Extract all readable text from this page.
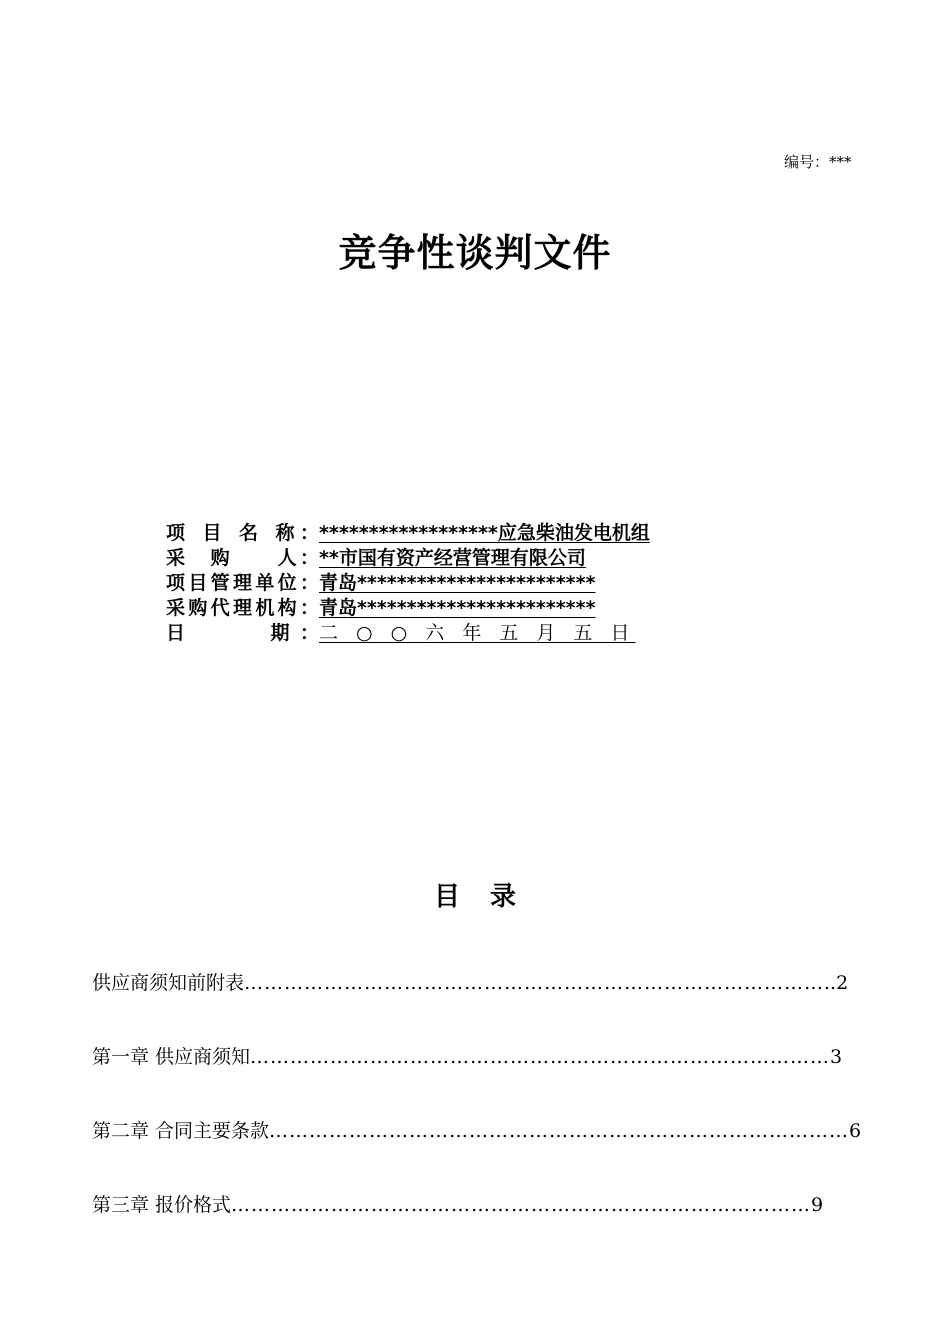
编号：***
竞争性谈判文件
项 目 名 称： ******************应急柴油发电机组
采　购　　人： **市国有资产经营管理有限公司
项目管理单位： 青岛************************
采购代理机构： 青岛************************
日　　　　期 ： 二 ○ ○ 六 年 五 月 五 日
目录
供应商须知前附表 …………………………………………………………………………… ..2
第一章 供应商须知 …………………………………………………………………………… 3
第二章 合同主要条款 …………………………………………………………………………… 6
第三章 报价格式 …………………………………………………………………………… 9
